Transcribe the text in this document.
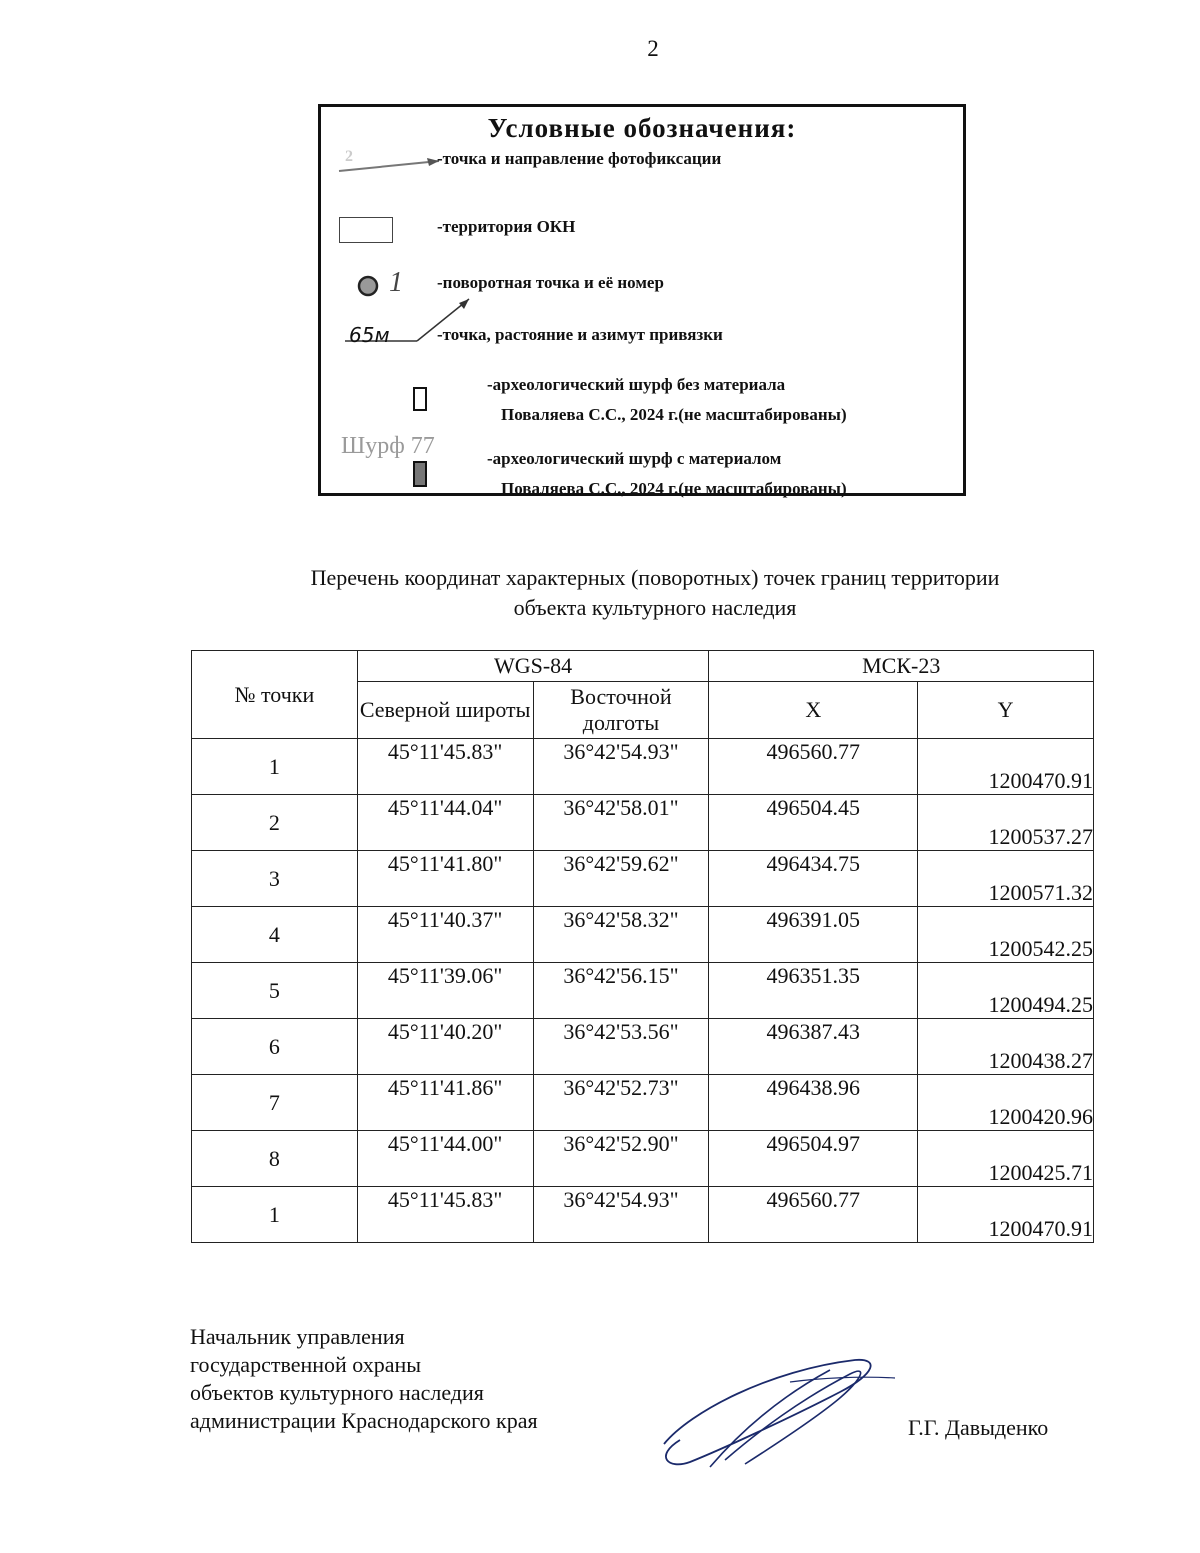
2
Условные обозначения:
2	-точка и направление фотофиксации
-территория ОКН
1 -поворотная точка и её номер
65м	-точка, растояние и азимут привязки
-археологический шурф без материала
Поваляева С.С., 2024 г.(не масштабированы)
Шурф 77	-археологический шурф с материалом
Поваляева С.С., 2024 г.(не масштабированы)
Перечень координат характерных (поворотных) точек границ территории
объекта культурного наследия
№ точки	WGS-84		МСК-23	
	Северной широты	Восточной долготы	X	Y
1	45°11'45.83"	36°42'54.93"	496560.77	1200470.91
2	45°11'44.04"	36°42'58.01"	496504.45	1200537.27
3	45°11'41.80"	36°42'59.62"	496434.75	1200571.32
4	45°11'40.37"	36°42'58.32"	496391.05	1200542.25
5	45°11'39.06"	36°42'56.15"	496351.35	1200494.25
6	45°11'40.20"	36°42'53.56"	496387.43	1200438.27
7	45°11'41.86"	36°42'52.73"	496438.96	1200420.96
8	45°11'44.00"	36°42'52.90"	496504.97	1200425.71
1	45°11'45.83"	36°42'54.93"	496560.77	1200470.91
Начальник управления
государственной охраны
объектов культурного наследия
администрации Краснодарского края	Г.Г. Давыденко
